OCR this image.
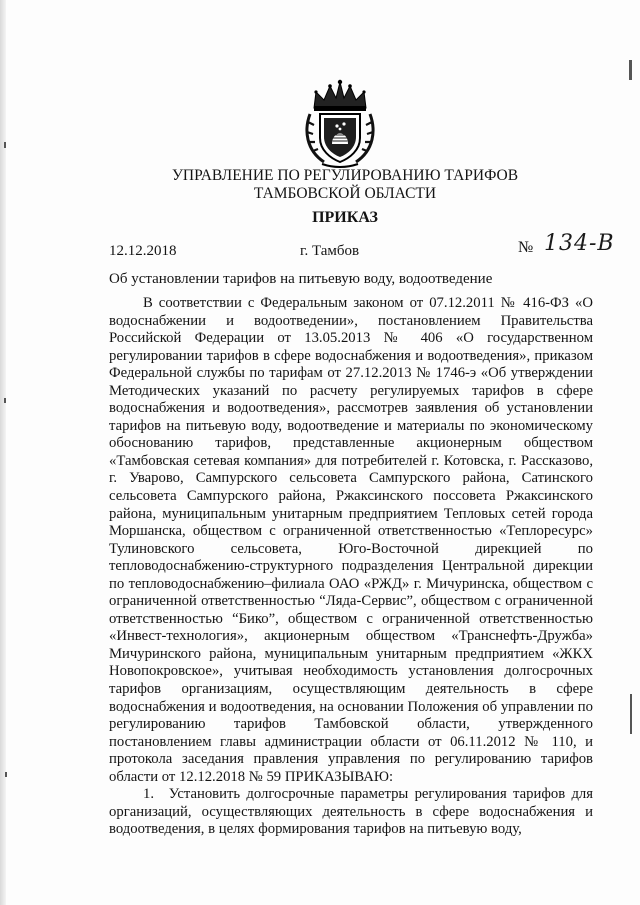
УПРАВЛЕНИЕ ПО РЕГУЛИРОВАНИЮ ТАРИФОВ
ТАМБОВСКОЙ ОБЛАСТИ
ПРИКАЗ
12.12.2018	г. Тамбов	№ 134-В
Об установлении тарифов на питьевую воду, водоотведение

В соответствии с Федеральным законом от 07.12.2011 № 416-ФЗ «О водоснабжении и водоотведении», постановлением Правительства Российской Федерации от 13.05.2013 № 406 «О государственном регулировании тарифов в сфере водоснабжения и водоотведения», приказом Федеральной службы по тарифам от 27.12.2013 № 1746-э «Об утверждении Методических указаний по расчету регулируемых тарифов в сфере водоснабжения и водоотведения», рассмотрев заявления об установлении тарифов на питьевую воду, водоотведение и материалы по экономическому обоснованию тарифов, представленные акционерным обществом «Тамбовская сетевая компания» для потребителей г. Котовска, г. Рассказово, г. Уварово, Сампурского сельсовета Сампурского района, Сатинского сельсовета Сампурского района, Ржаксинского поссовета Ржаксинского района, муниципальным унитарным предприятием Тепловых сетей города Моршанска, обществом с ограниченной ответственностью «Теплоресурс» Тулиновского сельсовета, Юго-Восточной дирекцией по тепловодоснабжению-структурного подразделения Центральной дирекции по тепловодоснабжению–филиала ОАО «РЖД» г. Мичуринска, обществом с ограниченной ответственностью “Ляда-Сервис”, обществом с ограниченной ответственностью “Бико”, обществом с ограниченной ответственностью «Инвест-технология», акционерным обществом «Транснефть-Дружба» Мичуринского района, муниципальным унитарным предприятием «ЖКХ Новопокровское», учитывая необходимость установления долгосрочных тарифов организациям, осуществляющим деятельность в сфере водоснабжения и водоотведения, на основании Положения об управлении по регулированию тарифов Тамбовской области, утвержденного постановлением главы администрации области от 06.11.2012 № 110, и протокола заседания правления управления по регулированию тарифов области от 12.12.2018 № 59 ПРИКАЗЫВАЮ:

1. Установить долгосрочные параметры регулирования тарифов для организаций, осуществляющих деятельность в сфере водоснабжения и водоотведения, в целях формирования тарифов на питьевую воду,
